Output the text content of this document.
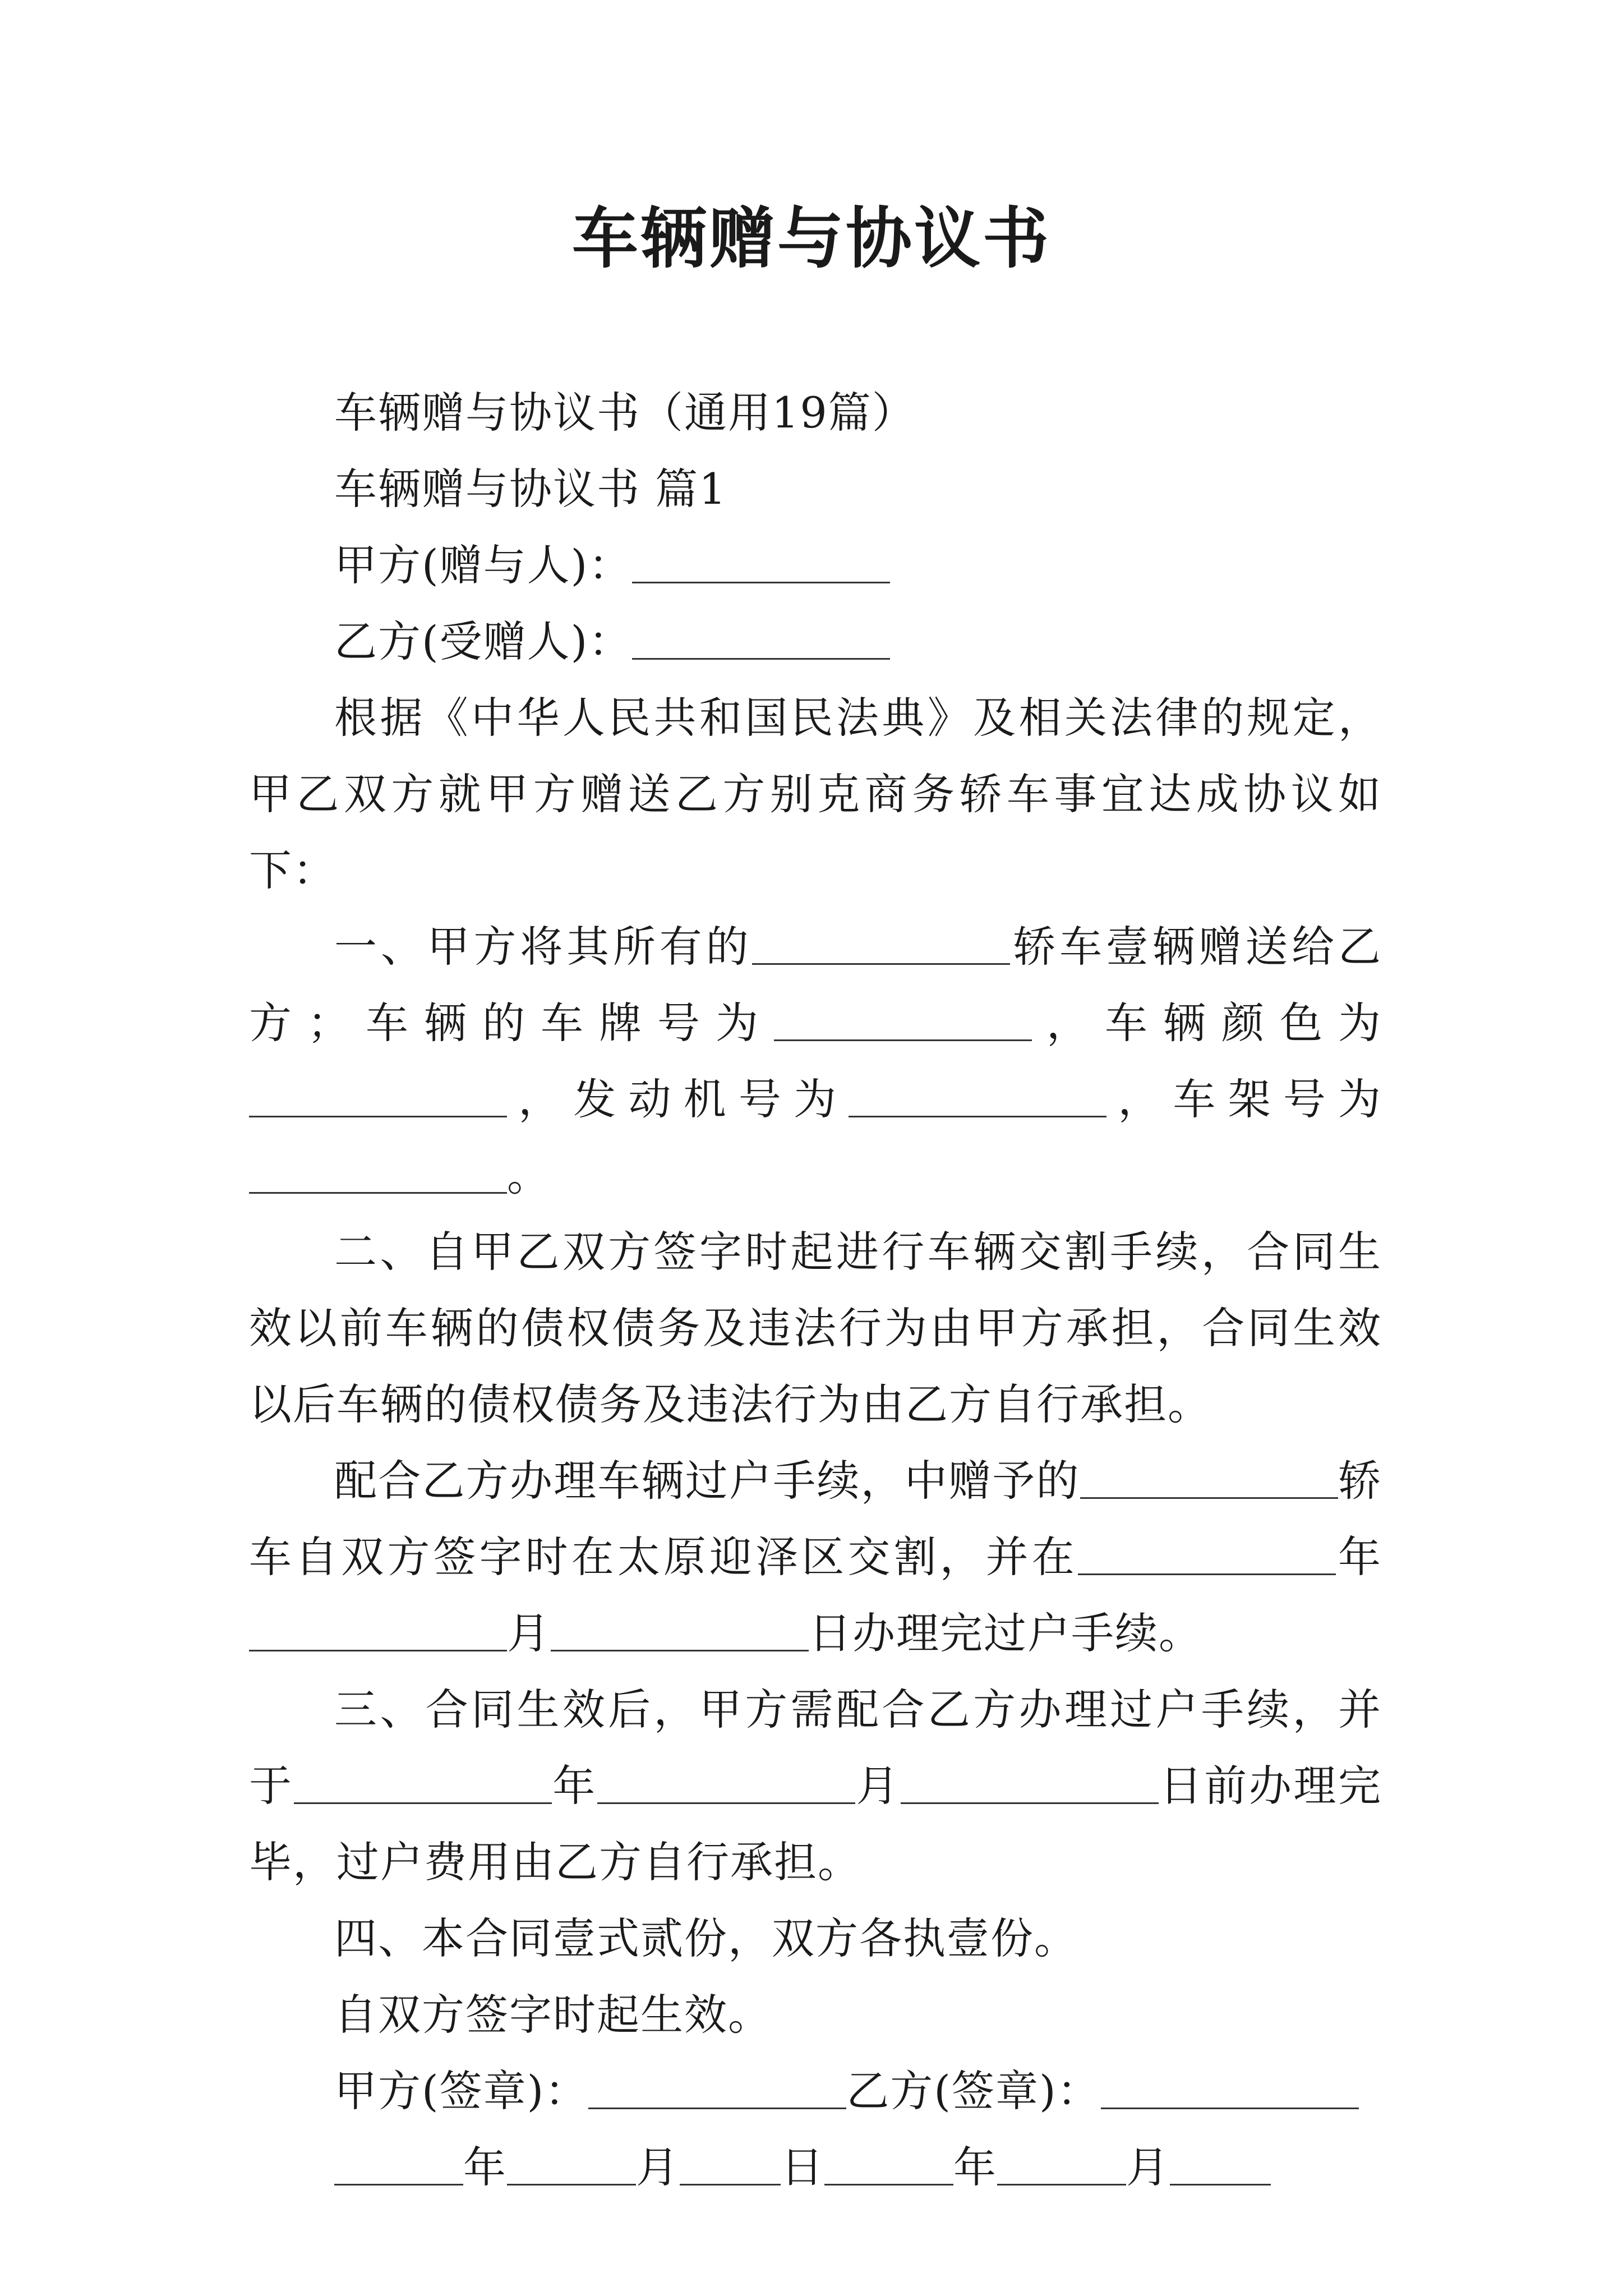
车辆赠与协议书

车辆赠与协议书（通用19篇）

车辆赠与协议书 篇1

甲方(赠与人)：

乙方(受赠人)：

根据《中华人民共和国民法典》及相关法律的规定，甲乙双方就甲方赠送乙方别克商务轿车事宜达成协议如下：

一、甲方将其所有的	轿车壹辆赠送给乙方；车辆的车牌号为	，车辆颜色为，发动机号为	，车架号为。

二、自甲乙双方签字时起进行车辆交割手续，合同生效以前车辆的债权债务及违法行为由甲方承担，合同生效以后车辆的债权债务及违法行为由乙方自行承担。

配合乙方办理车辆过户手续，中赠予的	轿车自双方签字时在太原迎泽区交割，并在	年月	日办理完过户手续。

三、合同生效后，甲方需配合乙方办理过户手续，并于	年	月	日前办理完毕，过户费用由乙方自行承担。

四、本合同壹式贰份，双方各执壹份。

自双方签字时起生效。

甲方(签章)：	乙方(签章)：

年	月 日	年	月
